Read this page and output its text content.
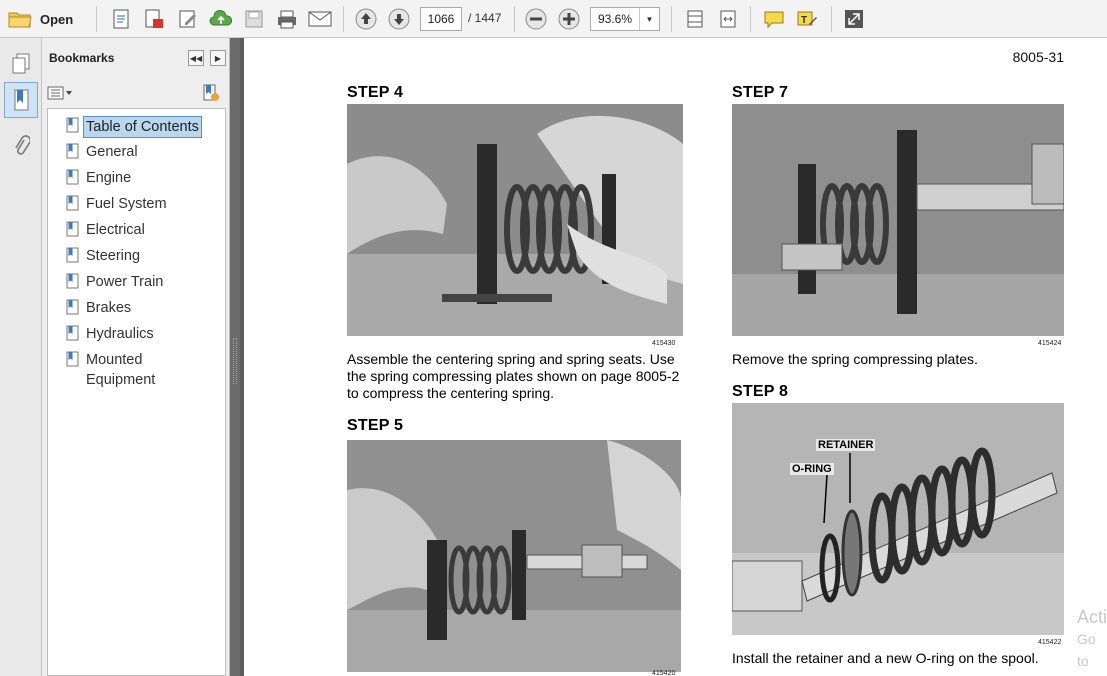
Open	1066	/ 1447	93.6%	▼	T
Bookmarks	◀◀ ▶
Table of Contents
General
Engine
Fuel System
Electrical
Steering
Power Train
Brakes
Hydraulics
Mounted Equipment
8005-31
STEP 4
415430
Assemble the centering spring and spring seats. Use the spring compressing plates shown on page 8005-2 to compress the centering spring.
STEP 5
415420
STEP 7
415424
Remove the spring compressing plates.
STEP 8
RETAINER
O-RING
415422
Install the retainer and a new O-ring on the spool.
Acti
Go to
